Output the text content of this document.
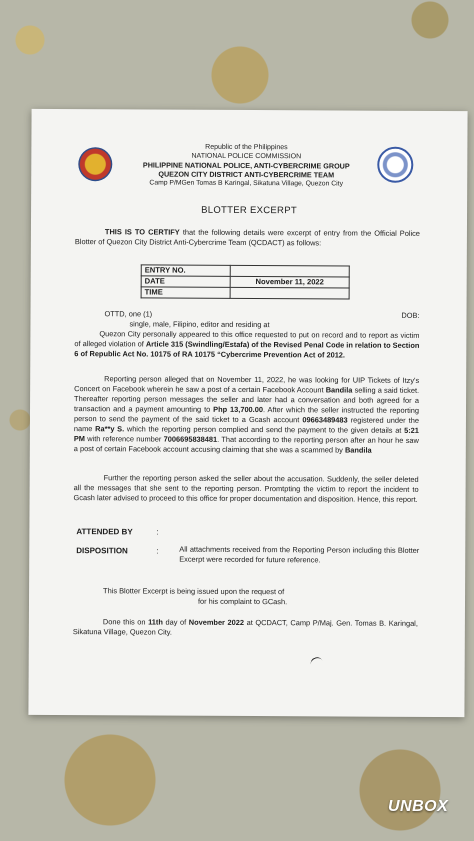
Republic of the Philippines
NATIONAL POLICE COMMISSION
PHILIPPINE NATIONAL POLICE, ANTI-CYBERCRIME GROUP
QUEZON CITY DISTRICT ANTI-CYBERCRIME TEAM
Camp P/MGen Tomas B Karingal, Sikatuna Village, Quezon City
BLOTTER EXCERPT
THIS IS TO CERTIFY that the following details were excerpt of entry from the Official Police Blotter of Quezon City District Anti-Cybercrime Team (QCDACT) as follows:
ENTRY NO.	
DATE	November 11, 2022
TIME	
OTTD, one (1)	DOB:
single, male, Filipino, editor and residing at
Quezon City personally appeared to this office requested to put on record and to report as victim of alleged violation of Article 315 (Swindling/Estafa) of the Revised Penal Code in relation to Section 6 of Republic Act No. 10175 of RA 10175 “Cybercrime Prevention Act of 2012.
Reporting person alleged that on November 11, 2022, he was looking for UIP Tickets of Itzy's Concert on Facebook wherein he saw a post of a certain Facebook Account Bandila selling a said ticket. Thereafter reporting person messages the seller and later had a conversation and both agreed for a transaction and a payment amounting to Php 13,700.00. After which the seller instructed the reporting person to send the payment of the said ticket to a Gcash account 09663489483 registered under the name Ra**y S. which the reporting person complied and send the payment to the given details at 5:21 PM with reference number 7006695838481. That according to the reporting person after an hour he saw a post of certain Facebook account accusing claiming that she was a scammed by Bandila
Further the reporting person asked the seller about the accusation. Suddenly, the seller deleted all the messages that she sent to the reporting person. Promtpting the victim to report the incident to Gcash later advised to proceed to this office for proper documentation and disposition. Hence, this report.
ATTENDED BY	:
DISPOSITION	:	All attachments received from the Reporting Person including this Blotter Excerpt were recorded for future reference.
This Blotter Excerpt is being issued upon the request of
for his complaint to GCash.
Done this on 11th day of November 2022 at QCDACT, Camp P/Maj. Gen. Tomas B. Karingal, Sikatuna Village, Quezon City.
UNBOX
